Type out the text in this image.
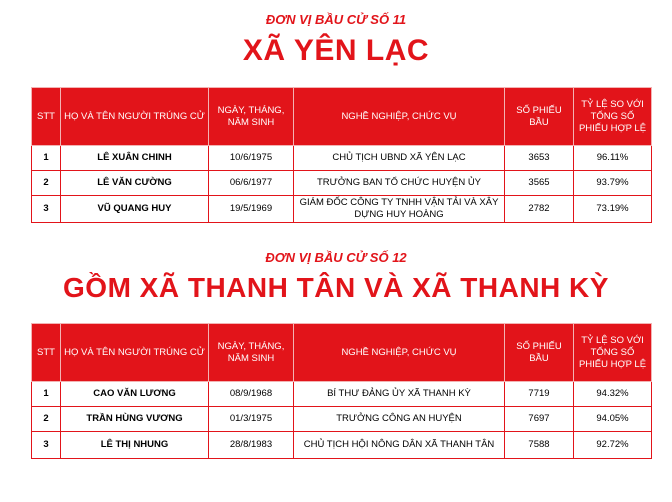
ĐƠN VỊ BẦU CỬ SỐ 11
XÃ YÊN LẠC
STT	HỌ VÀ TÊN NGƯỜI TRÚNG CỬ	NGÀY, THÁNG, NĂM SINH	NGHỀ NGHIỆP, CHỨC VỤ	SỐ PHIẾU BẦU	TỶ LỆ SO VỚI TỔNG SỐ PHIẾU HỢP LỆ
1	LÊ XUÂN CHINH	10/6/1975	CHỦ TỊCH UBND XÃ YÊN LẠC	3653	96.11%
2	LÊ VĂN CƯỜNG	06/6/1977	TRƯỞNG BAN TỔ CHỨC HUYỆN ỦY	3565	93.79%
3	VŨ QUANG HUY	19/5/1969	GIÁM ĐỐC CÔNG TY TNHH VẬN TẢI VÀ XÂY DỰNG HUY HOÀNG	2782	73.19%
ĐƠN VỊ BẦU CỬ SỐ 12
GỒM XÃ THANH TÂN VÀ XÃ THANH KỲ
STT	HỌ VÀ TÊN NGƯỜI TRÚNG CỬ	NGÀY, THÁNG, NĂM SINH	NGHỀ NGHIỆP, CHỨC VỤ	SỐ PHIẾU BẦU	TỶ LỆ SO VỚI TỔNG SỐ PHIẾU HỢP LỆ
1	CAO VĂN LƯƠNG	08/9/1968	BÍ THƯ ĐẢNG ỦY XÃ THANH KỲ	7719	94.32%
2	TRẦN HÙNG VƯƠNG	01/3/1975	TRƯỞNG CÔNG AN HUYỆN	7697	94.05%
3	LÊ THỊ NHUNG	28/8/1983	CHỦ TỊCH HỘI NÔNG DÂN XÃ THANH TÂN	7588	92.72%
